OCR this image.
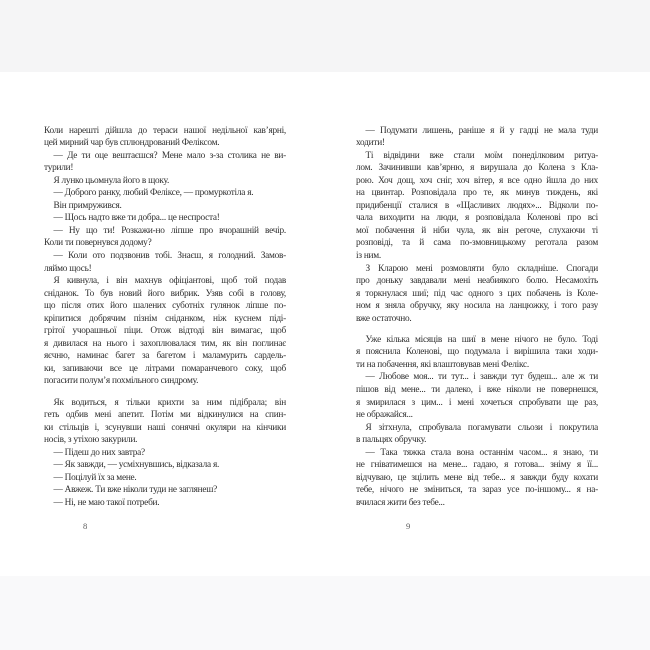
Коли нарешті дійшла до тераси нашої недільної кав’ярні,
цей мирний чар був сплюндрований Феліксом.
— Де ти оце вештаєшся? Мене мало з-за столика не ви-
турили!
Я лунко цьомнула його в щоку.
— Доброго ранку, любий Феліксе, — промуркотіла я.
Він примружився.
— Щось надто вже ти добра... це неспроста!
— Ну що ти! Розкажи-но ліпше про вчорашній вечір.
Коли ти повернувся додому?
— Коли ото подзвонив тобі. Знаєш, я голодний. Замов-
ляймо щось!
Я кивнула, і він махнув офіціантові, щоб той подав
сніданок. То був новий його вибрик. Узяв собі в голову,
що після отих його шалених суботніх гулянок ліпше по-
кріпитися добрячим пізнім сніданком, ніж куснем піді-
грітої учорашньої піци. Отож відтоді він вимагає, щоб
я дивилася на нього і захоплювалася тим, як він поглинає
яєчню, наминає багет за багетом і маламурить сардель-
ки, запиваючи все це літрами помаранчевого соку, щоб
погасити полум’я похмільного синдрому.
Як водиться, я тільки крихти за ним підібрала; він
геть одбив мені апетит. Потім ми відкинулися на спин-
ки стільців і, зсунувши наші сонячні окуляри на кінчики
носів, з утіхою закурили.
— Підеш до них завтра?
— Як завжди, — усміхнувшись, відказала я.
— Поцілуй їх за мене.
— Авжеж. Ти вже ніколи туди не заглянеш?
— Ні, не маю такої потреби.
— Подумати лишень, раніше я й у гадці не мала туди
ходити!
Ті відвідини вже стали моїм понеділковим ритуа-
лом. Зачинивши кав’ярню, я вирушала до Колена з Кла-
рою. Хоч дощ, хоч сніг, хоч вітер, я все одно йшла до них
на цвинтар. Розповідала про те, як минув тиждень, які
придибенції сталися в «Щасливих людях»... Відколи по-
чала виходити на люди, я розповідала Коленові про всі
мої побачення й ніби чула, як він регоче, слухаючи ті
розповіді, та й сама по-змовницькому реготала разом
із ним.
З Кларою мені розмовляти було складніше. Спогади
про доньку завдавали мені неабиякого болю. Несамохіть
я торкнулася шиї; під час одного з цих побачень із Коле-
ном я зняла обручку, яку носила на ланцюжку, і того разу
вже остаточно.
Уже кілька місяців на шиї в мене нічого не було. Тоді
я пояснила Коленові, що подумала і вирішила таки ходи-
ти на побачення, які влаштовував мені Фелікс.
— Любове моя... ти тут... і завжди тут будеш... але ж ти
пішов від мене... ти далеко, і вже ніколи не повернешся,
я змирилася з цим... і мені хочеться спробувати ще раз,
не ображайся...
Я зітхнула, спробувала погамувати сльози і покрутила
в пальцях обручку.
— Така тяжка стала вона останнім часом... я знаю, ти
не гніватимешся на мене... гадаю, я готова... зніму я її...
відчуваю, це зцілить мене від тебе... я завжди буду кохати
тебе, нічого не зміниться, та зараз усе по-іншому... я на-
вчилася жити без тебе...
8	9
